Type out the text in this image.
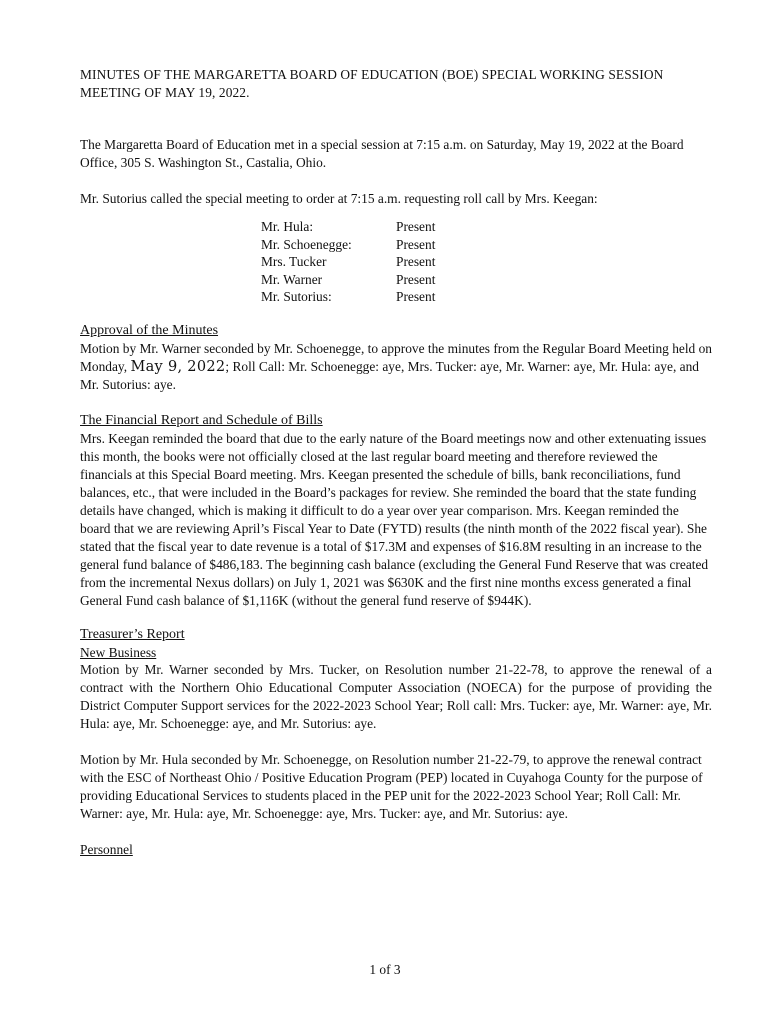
MINUTES OF THE MARGARETTA BOARD OF EDUCATION (BOE) SPECIAL WORKING SESSION MEETING OF MAY 19, 2022.

The Margaretta Board of Education met in a special session at 7:15 a.m. on Saturday, May 19, 2022 at the Board Office, 305 S. Washington St., Castalia, Ohio.

Mr. Sutorius called the special meeting to order at 7:15 a.m. requesting roll call by Mrs. Keegan:

Mr. Hula:	Present
Mr. Schoenegge:	Present
Mrs. Tucker	Present
Mr. Warner	Present
Mr. Sutorius:	Present

Approval of the Minutes

Motion by Mr. Warner seconded by Mr. Schoenegge, to approve the minutes from the Regular Board Meeting held on Monday, May 9, 2022; Roll Call: Mr. Schoenegge: aye, Mrs. Tucker: aye, Mr. Warner: aye, Mr. Hula: aye, and Mr. Sutorius: aye.

The Financial Report and Schedule of Bills

Mrs. Keegan reminded the board that due to the early nature of the Board meetings now and other extenuating issues this month, the books were not officially closed at the last regular board meeting and therefore reviewed the financials at this Special Board meeting. Mrs. Keegan presented the schedule of bills, bank reconciliations, fund balances, etc., that were included in the Board’s packages for review. She reminded the board that the state funding details have changed, which is making it difficult to do a year over year comparison. Mrs. Keegan reminded the board that we are reviewing April’s Fiscal Year to Date (FYTD) results (the ninth month of the 2022 fiscal year). She stated that the fiscal year to date revenue is a total of $17.3M and expenses of $16.8M resulting in an increase to the general fund balance of $486,183. The beginning cash balance (excluding the General Fund Reserve that was created from the incremental Nexus dollars) on July 1, 2021 was $630K and the first nine months excess generated a final General Fund cash balance of $1,116K (without the general fund reserve of $944K).

Treasurer’s Report

New Business

Motion by Mr. Warner seconded by Mrs. Tucker, on Resolution number 21-22-78, to approve the renewal of a contract with the Northern Ohio Educational Computer Association (NOECA) for the purpose of providing the District Computer Support services for the 2022-2023 School Year; Roll call: Mrs. Tucker: aye, Mr. Warner: aye, Mr. Hula: aye, Mr. Schoenegge: aye, and Mr. Sutorius: aye.

Motion by Mr. Hula seconded by Mr. Schoenegge, on Resolution number 21-22-79, to approve the renewal contract with the ESC of Northeast Ohio / Positive Education Program (PEP) located in Cuyahoga County for the purpose of providing Educational Services to students placed in the PEP unit for the 2022-2023 School Year; Roll Call: Mr. Warner: aye, Mr. Hula: aye, Mr. Schoenegge: aye, Mrs. Tucker: aye, and Mr. Sutorius: aye.

Personnel

1 of 3
